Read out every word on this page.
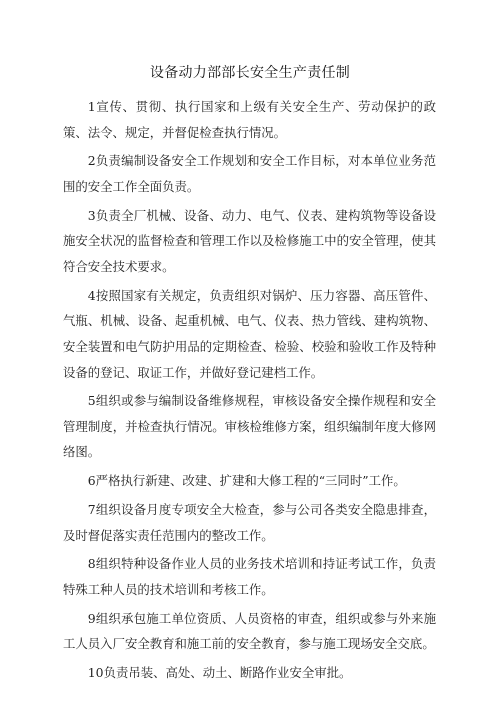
设备动力部部长安全生产责任制

1宣传、贯彻、执行国家和上级有关安全生产、劳动保护的政策、法令、规定，并督促检查执行情况。

2负责编制设备安全工作规划和安全工作目标，对本单位业务范围的安全工作全面负责。

3负责全厂机械、设备、动力、电气、仪表、建构筑物等设备设施安全状况的监督检查和管理工作以及检修施工中的安全管理，使其符合安全技术要求。

4按照国家有关规定，负责组织对锅炉、压力容器、高压管件、气瓶、机械、设备、起重机械、电气、仪表、热力管线、建构筑物、安全装置和电气防护用品的定期检查、检验、校验和验收工作及特种设备的登记、取证工作，并做好登记建档工作。

5组织或参与编制设备维修规程，审核设备安全操作规程和安全管理制度，并检查执行情况。审核检维修方案，组织编制年度大修网络图。

6严格执行新建、改建、扩建和大修工程的“三同时”工作。

7组织设备月度专项安全大检查，参与公司各类安全隐患排查，及时督促落实责任范围内的整改工作。

8组织特种设备作业人员的业务技术培训和持证考试工作，负责特殊工种人员的技术培训和考核工作。

9组织承包施工单位资质、人员资格的审查，组织或参与外来施工人员入厂安全教育和施工前的安全教育，参与施工现场安全交底。

10负责吊装、高处、动土、断路作业安全审批。
